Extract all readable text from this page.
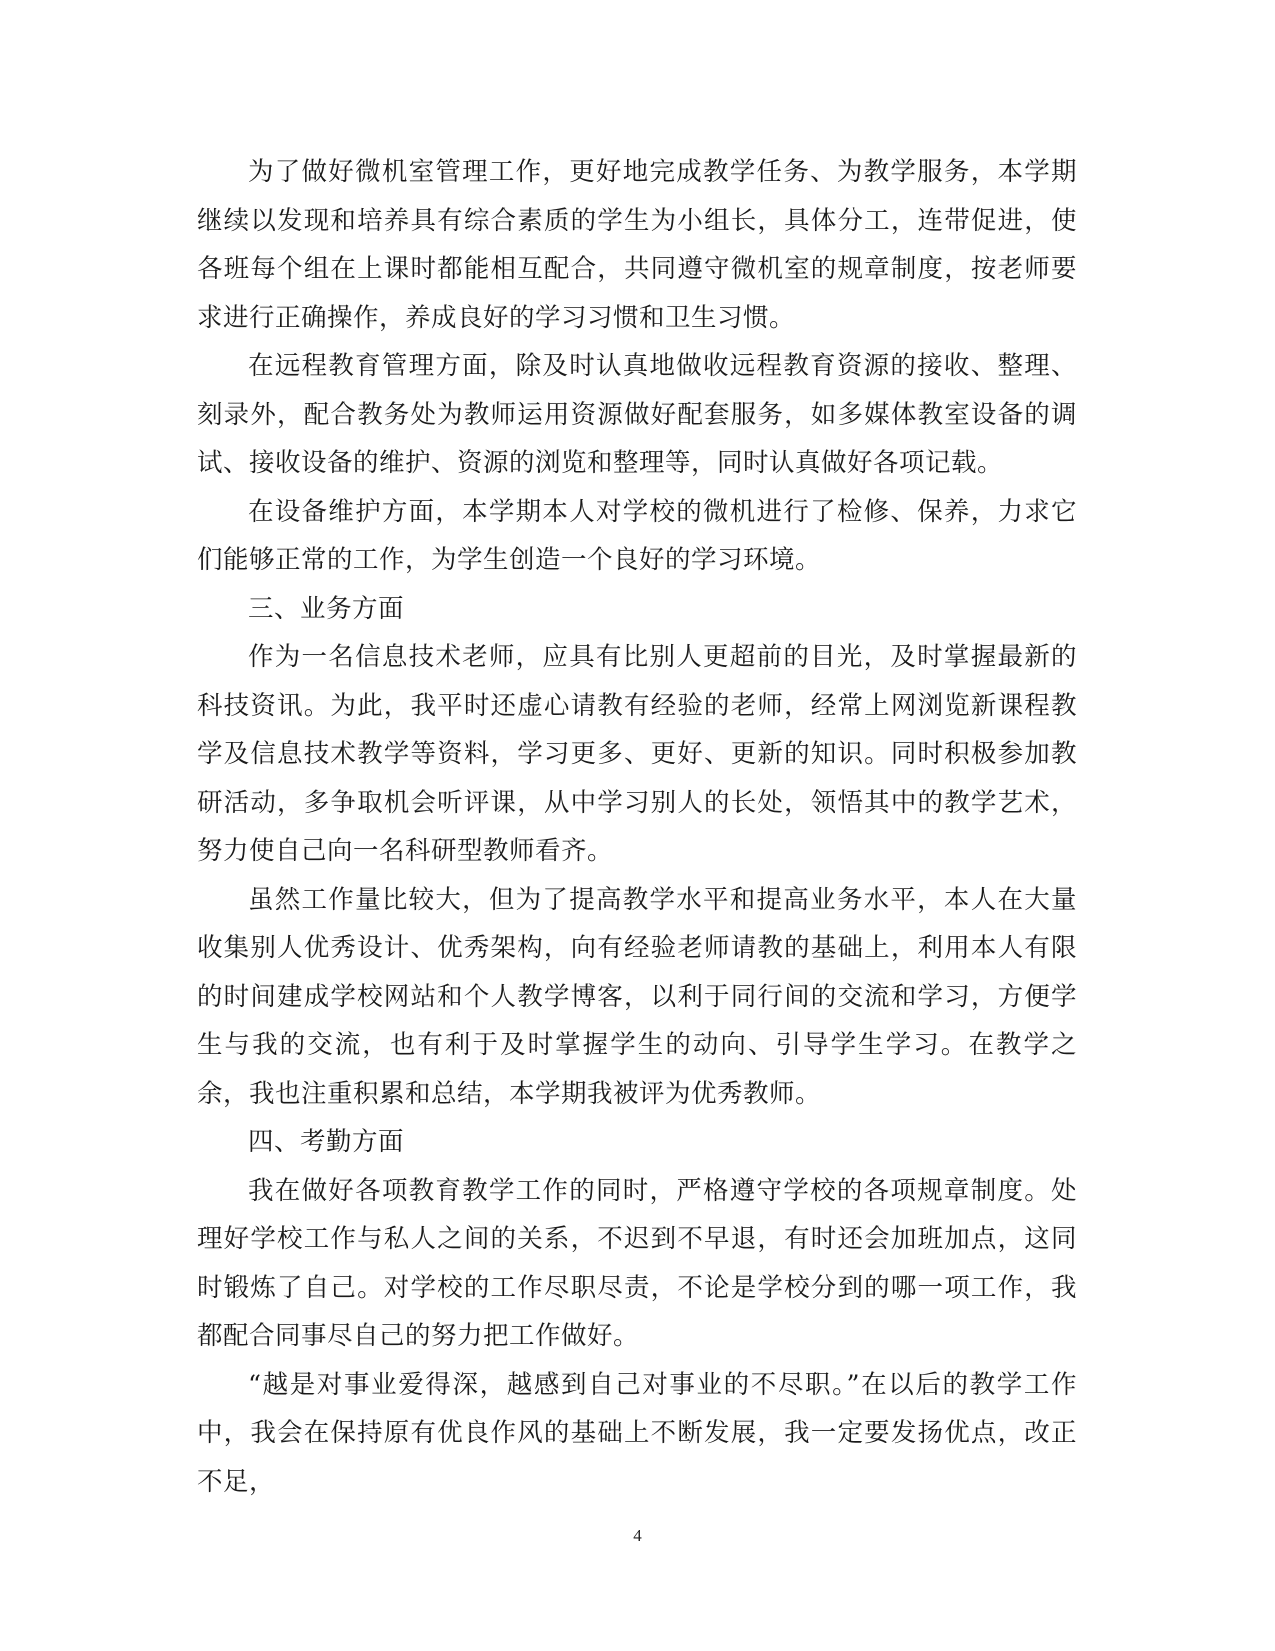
为了做好微机室管理工作，更好地完成教学任务、为教学服务，本学期继续以发现和培养具有综合素质的学生为小组长，具体分工，连带促进，使各班每个组在上课时都能相互配合，共同遵守微机室的规章制度，按老师要求进行正确操作，养成良好的学习习惯和卫生习惯。

在远程教育管理方面，除及时认真地做收远程教育资源的接收、整理、刻录外，配合教务处为教师运用资源做好配套服务，如多媒体教室设备的调试、接收设备的维护、资源的浏览和整理等，同时认真做好各项记载。

在设备维护方面，本学期本人对学校的微机进行了检修、保养，力求它们能够正常的工作，为学生创造一个良好的学习环境。

三、业务方面

作为一名信息技术老师，应具有比别人更超前的目光，及时掌握最新的科技资讯。为此，我平时还虚心请教有经验的老师，经常上网浏览新课程教学及信息技术教学等资料，学习更多、更好、更新的知识。同时积极参加教研活动，多争取机会听评课，从中学习别人的长处，领悟其中的教学艺术，努力使自己向一名科研型教师看齐。

虽然工作量比较大，但为了提高教学水平和提高业务水平，本人在大量收集别人优秀设计、优秀架构，向有经验老师请教的基础上，利用本人有限的时间建成学校网站和个人教学博客，以利于同行间的交流和学习，方便学生与我的交流，也有利于及时掌握学生的动向、引导学生学习。在教学之余，我也注重积累和总结，本学期我被评为优秀教师。

四、考勤方面

我在做好各项教育教学工作的同时，严格遵守学校的各项规章制度。处理好学校工作与私人之间的关系，不迟到不早退，有时还会加班加点，这同时锻炼了自己。对学校的工作尽职尽责，不论是学校分到的哪一项工作，我都配合同事尽自己的努力把工作做好。

“越是对事业爱得深，越感到自己对事业的不尽职。”在以后的教学工作中，我会在保持原有优良作风的基础上不断发展，我一定要发扬优点，改正不足，

4
